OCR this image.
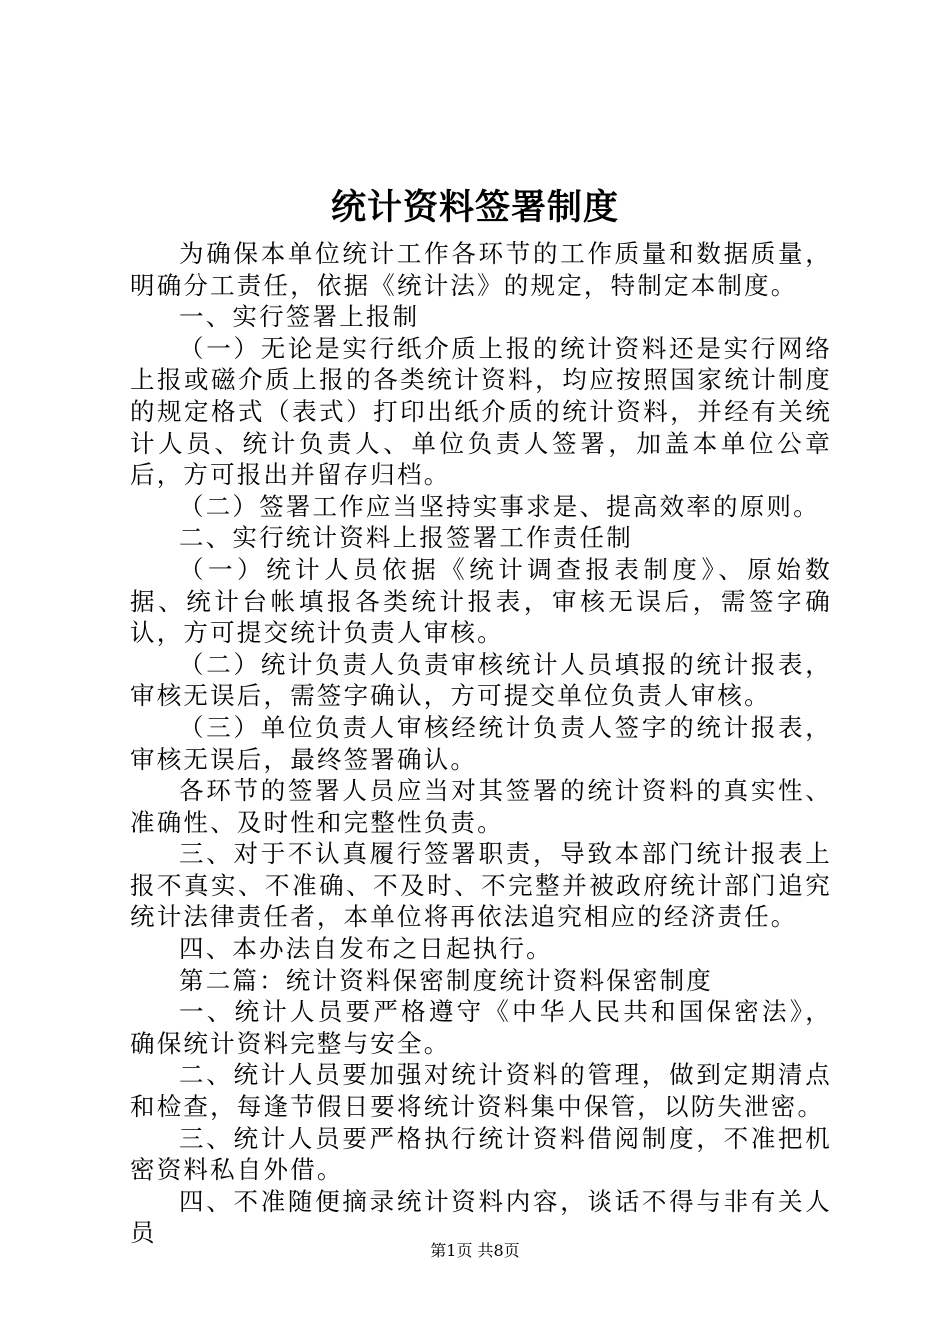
统计资料签署制度

为确保本单位统计工作各环节的工作质量和数据质量，明确分工责任，依据《统计法》的规定，特制定本制度。

一、实行签署上报制

（一）无论是实行纸介质上报的统计资料还是实行网络上报或磁介质上报的各类统计资料，均应按照国家统计制度的规定格式（表式）打印出纸介质的统计资料，并经有关统计人员、统计负责人、单位负责人签署，加盖本单位公章后，方可报出并留存归档。

（二）签署工作应当坚持实事求是、提高效率的原则。

二、实行统计资料上报签署工作责任制

（一）统计人员依据《统计调查报表制度》、原始数据、统计台帐填报各类统计报表，审核无误后，需签字确认，方可提交统计负责人审核。

（二）统计负责人负责审核统计人员填报的统计报表，审核无误后，需签字确认，方可提交单位负责人审核。

（三）单位负责人审核经统计负责人签字的统计报表，审核无误后，最终签署确认。

各环节的签署人员应当对其签署的统计资料的真实性、准确性、及时性和完整性负责。

三、对于不认真履行签署职责，导致本部门统计报表上报不真实、不准确、不及时、不完整并被政府统计部门追究统计法律责任者，本单位将再依法追究相应的经济责任。

四、本办法自发布之日起执行。

第二篇：统计资料保密制度统计资料保密制度

一、统计人员要严格遵守《中华人民共和国保密法》，确保统计资料完整与安全。

二、统计人员要加强对统计资料的管理，做到定期清点和检查，每逢节假日要将统计资料集中保管，以防失泄密。

三、统计人员要严格执行统计资料借阅制度，不准把机密资料私自外借。

四、不准随便摘录统计资料内容，谈话不得与非有关人员

第1页 共8页
